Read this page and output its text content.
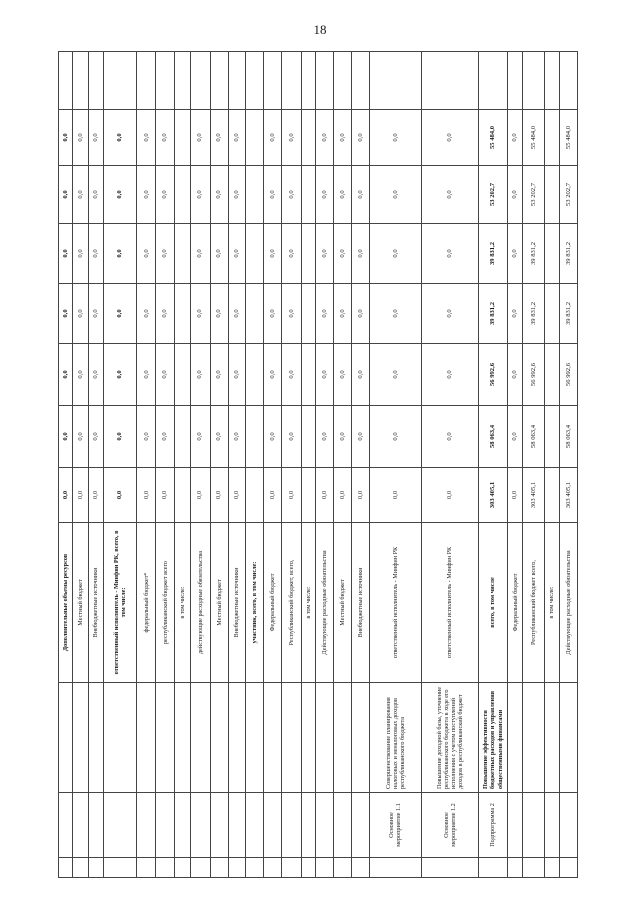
18
			Дополнительные объемы ресурсов	0,0	0,0	0,0	0,0	0,0	0,0	0,0	
			Местный бюджет	0,0	0,0	0,0	0,0	0,0	0,0	0,0	
			Внебюджетные источники	0,0	0,0	0,0	0,0	0,0	0,0	0,0	
			ответственный исполнитель - Минфин РК, всего, в том числе:	0,0	0,0	0,0	0,0	0,0	0,0	0,0	
			федеральный бюджет*	0,0	0,0	0,0	0,0	0,0	0,0	0,0	
			республиканский бюджет всего	0,0	0,0	0,0	0,0	0,0	0,0	0,0	
			в том числе:								
			действующие расходные обязательства	0,0	0,0	0,0	0,0	0,0	0,0	0,0	
			Местный бюджет	0,0	0,0	0,0	0,0	0,0	0,0	0,0	
			Внебюджетные источники	0,0	0,0	0,0	0,0	0,0	0,0	0,0	
			участник, всего, в том числе:								
			Федеральный бюджет	0,0	0,0	0,0	0,0	0,0	0,0	0,0	
			Республиканский бюджет, всего,	0,0	0,0	0,0	0,0	0,0	0,0	0,0	
			в том числе:								
			Действующие расходные обязательства	0,0	0,0	0,0	0,0	0,0	0,0	0,0	
			Местный бюджет	0,0	0,0	0,0	0,0	0,0	0,0	0,0	
			Внебюджетные источники	0,0	0,0	0,0	0,0	0,0	0,0	0,0	
	Основное мероприятие 1.1	Совершенствование планирования налоговых и неналоговых доходов республиканского бюджета	ответственный исполнитель - Минфин РК	0,0	0,0	0,0	0,0	0,0	0,0	0,0	
	Основное мероприятие 1.2	Повышение доходной базы, уточнение республиканского бюджета в ходе его исполнения с учетом поступлений доходов в республиканский бюджет	ответственный исполнитель - Минфин РК	0,0	0,0	0,0	0,0	0,0	0,0	0,0	
	Подпрограмма 2	Повышение эффективности бюджетных расходов и управления общественными финансами	всего, в том числе	303 405,1	58 063,4	56 992,6	39 831,2	39 831,2	53 202,7	55 484,0	
			Федеральный бюджет	0,0	0,0	0,0	0,0	0,0	0,0	0,0	
			Республиканский бюджет всего,	303 405,1	58 063,4	56 992,6	39 831,2	39 831,2	53 202,7	55 484,0	
			в том числе:								
			Действующие расходные обязательства	303 405,1	58 063,4	56 992,6	39 831,2	39 831,2	53 202,7	55 484,0	
